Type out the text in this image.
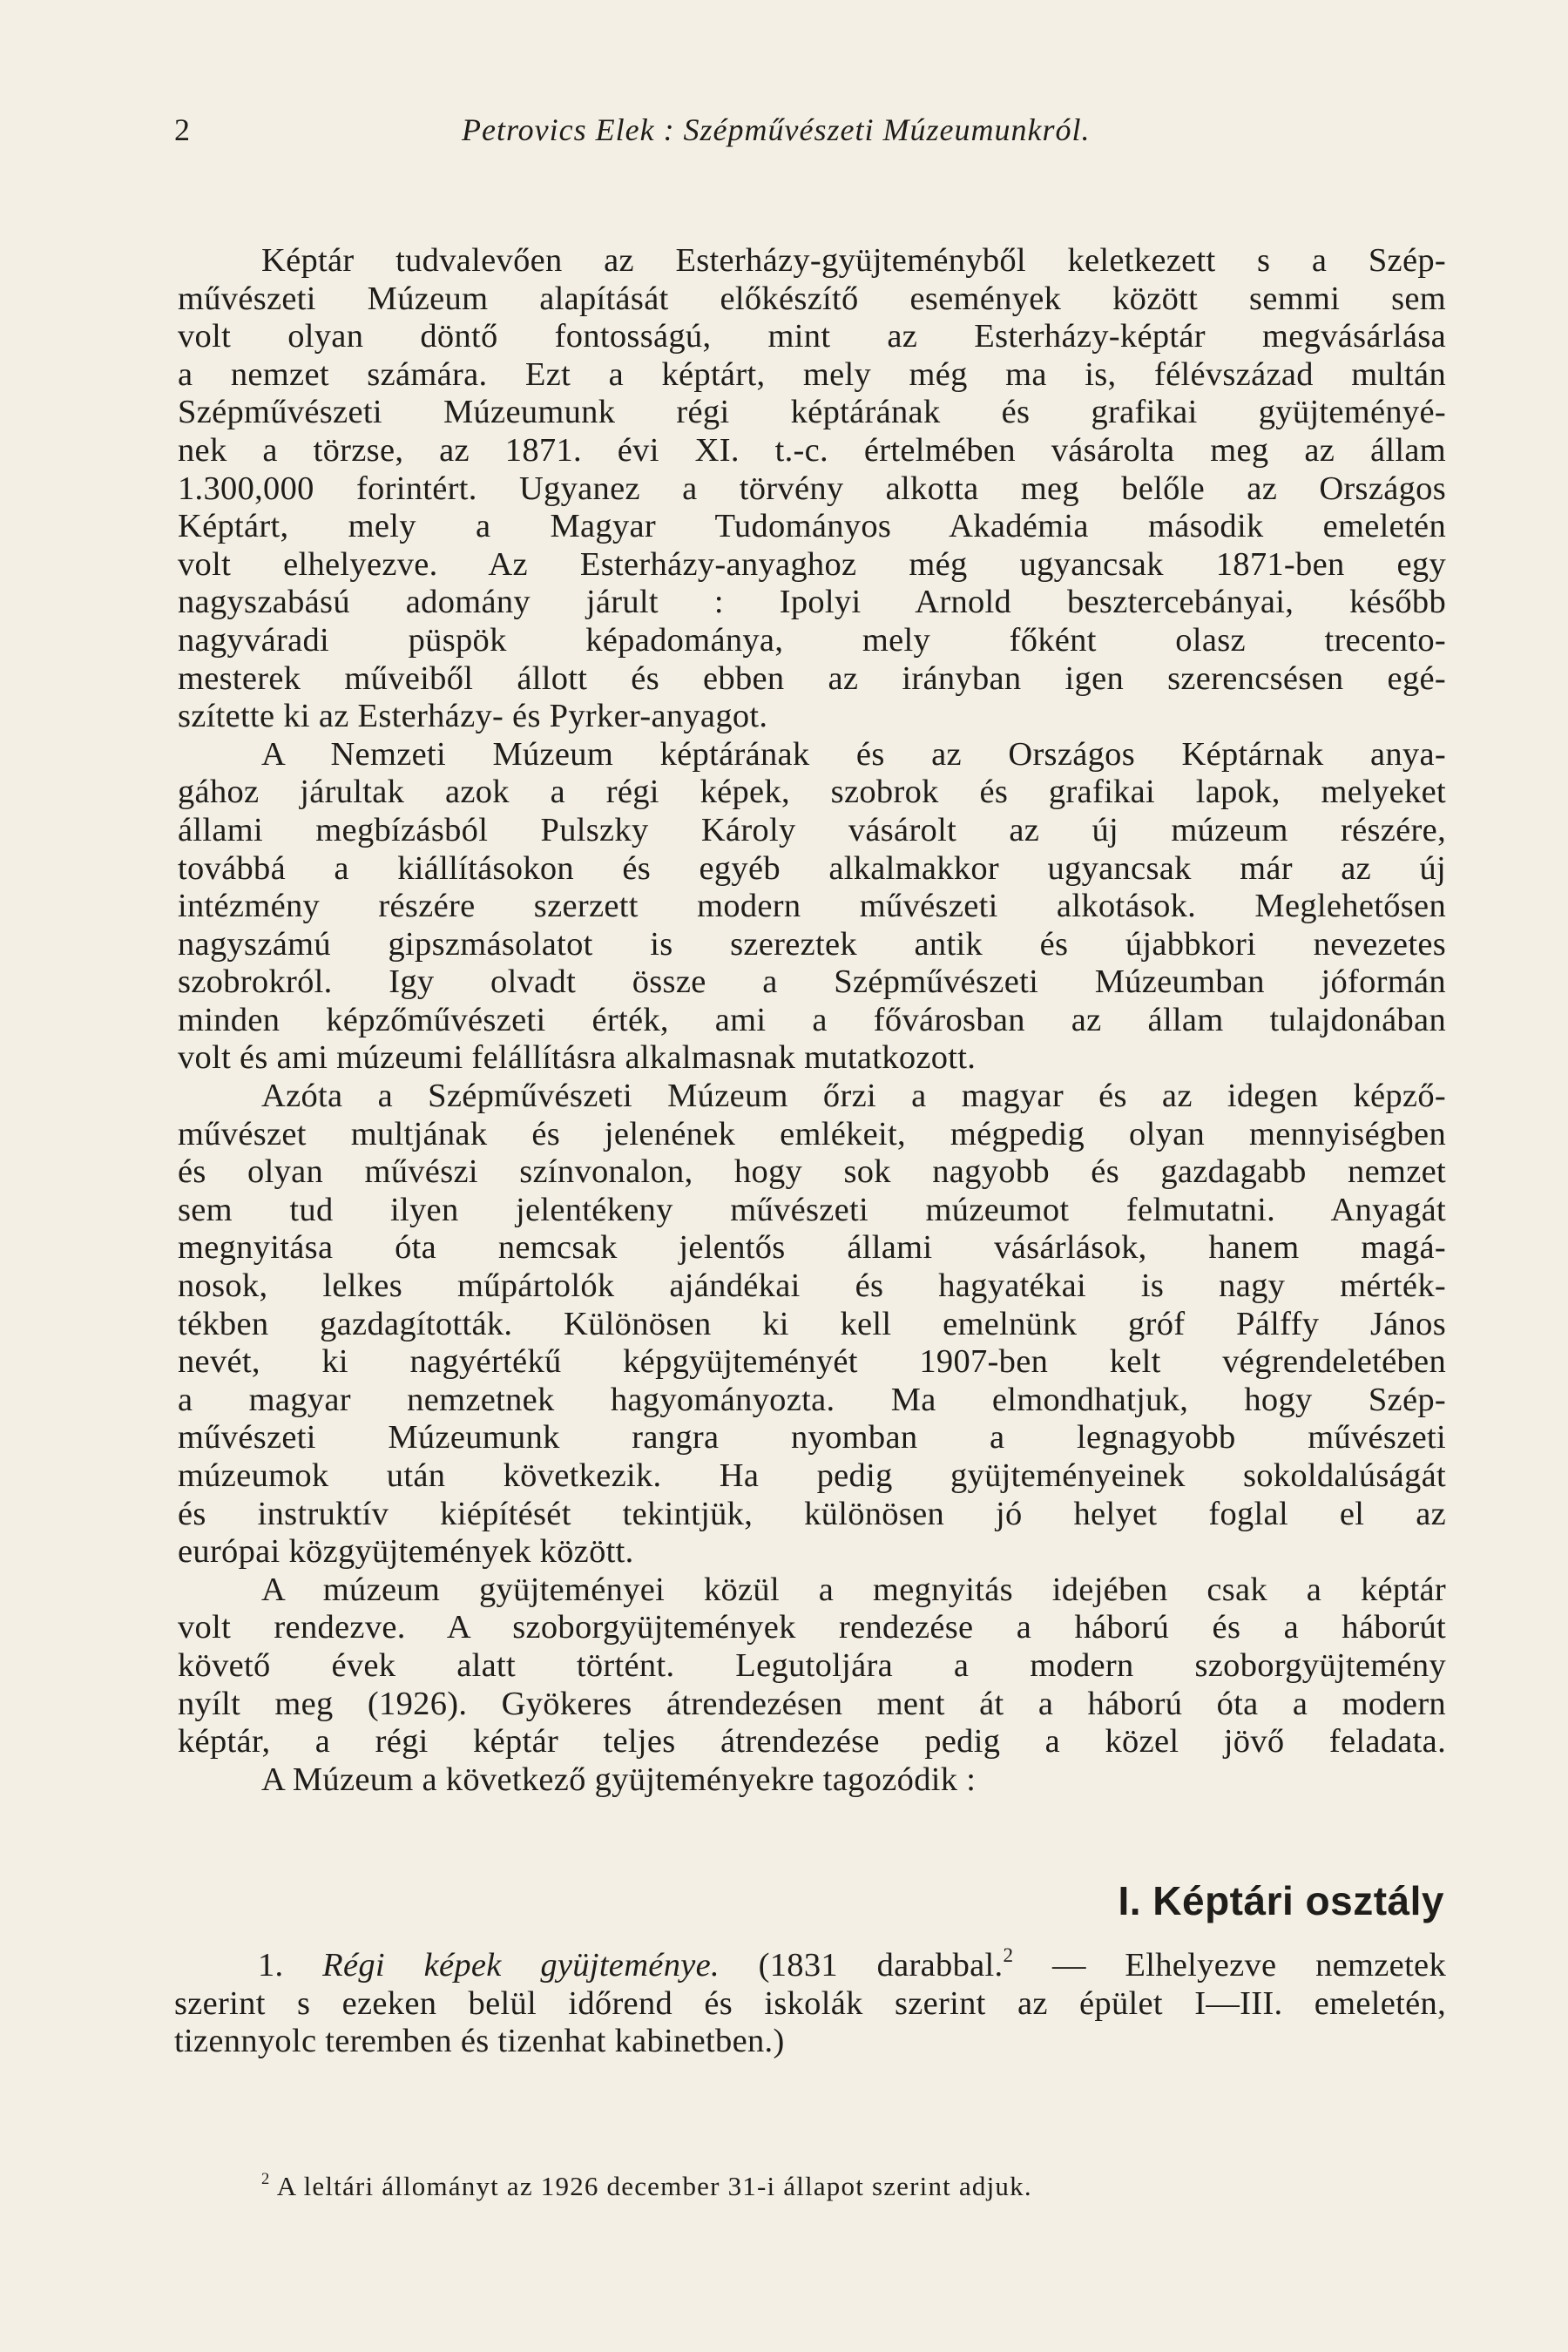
2	Petrovics Elek : Szépművészeti Múzeumunkról.
Képtár tudvalevően az Esterházy-gyüjteményből keletkezett s a Szép-
művészeti Múzeum alapítását előkészítő események között semmi sem
volt olyan döntő fontosságú, mint az Esterházy-képtár megvásárlása
a nemzet számára. Ezt a képtárt, mely még ma is, félévszázad multán
Szépművészeti Múzeumunk régi képtárának és grafikai gyüjteményé-
nek a törzse, az 1871. évi XI. t.-c. értelmében vásárolta meg az állam
1.300,000 forintért. Ugyanez a törvény alkotta meg belőle az Országos
Képtárt, mely a Magyar Tudományos Akadémia második emeletén
volt elhelyezve. Az Esterházy-anyaghoz még ugyancsak 1871-ben egy
nagyszabású adomány járult : Ipolyi Arnold besztercebányai, később
nagyváradi püspök képadománya, mely főként olasz trecento-
mesterek műveiből állott és ebben az irányban igen szerencsésen egé-
szítette ki az Esterházy- és Pyrker-anyagot.
A Nemzeti Múzeum képtárának és az Országos Képtárnak anya-
gához járultak azok a régi képek, szobrok és grafikai lapok, melyeket
állami megbízásból Pulszky Károly vásárolt az új múzeum részére,
továbbá a kiállításokon és egyéb alkalmakkor ugyancsak már az új
intézmény részére szerzett modern művészeti alkotások. Meglehetősen
nagyszámú gipszmásolatot is szereztek antik és újabbkori nevezetes
szobrokról. Igy olvadt össze a Szépművészeti Múzeumban jóformán
minden képzőművészeti érték, ami a fővárosban az állam tulajdonában
volt és ami múzeumi felállításra alkalmasnak mutatkozott.
Azóta a Szépművészeti Múzeum őrzi a magyar és az idegen képző-
művészet multjának és jelenének emlékeit, mégpedig olyan mennyiségben
és olyan művészi színvonalon, hogy sok nagyobb és gazdagabb nemzet
sem tud ilyen jelentékeny művészeti múzeumot felmutatni. Anyagát
megnyitása óta nemcsak jelentős állami vásárlások, hanem magá-
nosok, lelkes műpártolók ajándékai és hagyatékai is nagy mérték-
tékben gazdagították. Különösen ki kell emelnünk gróf Pálffy János
nevét, ki nagyértékű képgyüjteményét 1907-ben kelt végrendeletében
a magyar nemzetnek hagyományozta. Ma elmondhatjuk, hogy Szép-
művészeti Múzeumunk rangra nyomban a legnagyobb művészeti
múzeumok után következik. Ha pedig gyüjteményeinek sokoldalúságát
és instruktív kiépítését tekintjük, különösen jó helyet foglal el az
európai közgyüjtemények között.
A múzeum gyüjteményei közül a megnyitás idejében csak a képtár
volt rendezve. A szoborgyüjtemények rendezése a háború és a háborút
követő évek alatt történt. Legutoljára a modern szoborgyüjtemény
nyílt meg (1926). Gyökeres átrendezésen ment át a háború óta a modern
képtár, a régi képtár teljes átrendezése pedig a közel jövő feladata.
A Múzeum a következő gyüjteményekre tagozódik :
I. Képtári osztály
1. Régi képek gyüjteménye. (1831 darabbal.$^2$ — Elhelyezve nemzetek
szerint s ezeken belül időrend és iskolák szerint az épület I—III. emeletén,
tizennyolc teremben és tizenhat kabinetben.)
$^2$ A leltári állományt az 1926 december 31-i állapot szerint adjuk.
